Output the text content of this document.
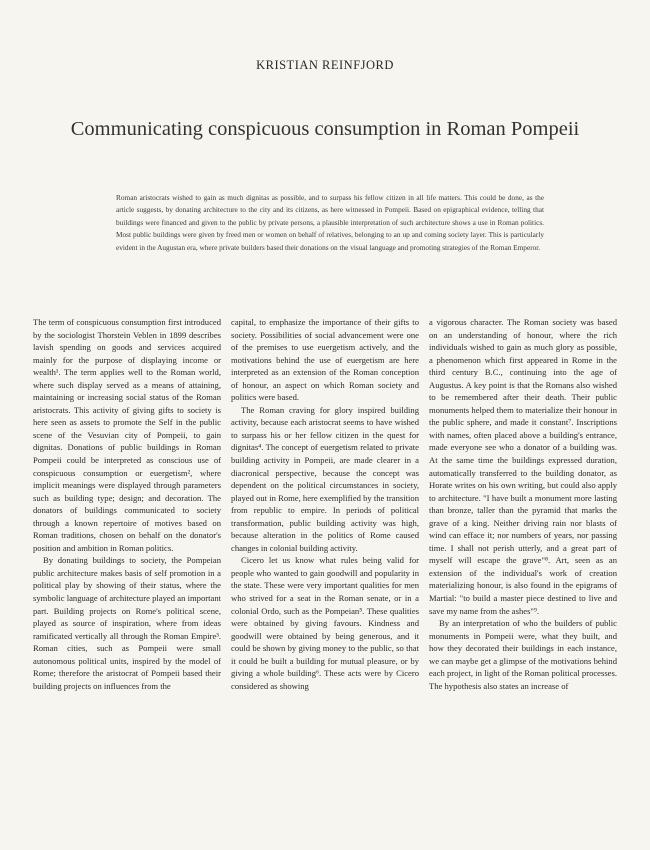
KRISTIAN REINFJORD
Communicating conspicuous consumption in Roman Pompeii
Roman aristocrats wished to gain as much dignitas as possible, and to surpass his fellow citizen in all life matters. This could be done, as the article suggests, by donating architecture to the city and its citizens, as here witnessed in Pompeii. Based on epigraphical evidence, telling that buildings were financed and given to the public by private persons, a plausible interpretation of such architecture shows a use in Roman politics. Most public buildings were given by freed men or women on behalf of relatives, belonging to an up and coming society layer. This is particularly evident in the Augustan era, where private builders based their donations on the visual language and promoting strategies of the Roman Emperor.

The term of conspicuous consumption first introduced by the sociologist Thorstein Veblen in 1899 describes lavish spending on goods and services acquired mainly for the purpose of displaying income or wealth¹. The term applies well to the Roman world, where such display served as a means of attaining, maintaining or increasing social status of the Roman aristocrats. This activity of giving gifts to society is here seen as assets to promote the Self in the public scene of the Vesuvian city of Pompeii, to gain dignitas. Donations of public buildings in Roman Pompeii could be interpreted as conscious use of conspicuous consumption or euergetism², where implicit meanings were displayed through parameters such as building type; design; and decoration. The donators of buildings communicated to society through a known repertoire of motives based on Roman traditions, chosen on behalf on the donator's position and ambition in Roman politics.

By donating buildings to society, the Pompeian public architecture makes basis of self promotion in a political play by showing of their status, where the symbolic language of architecture played an important part. Building projects on Rome's political scene, played as source of inspiration, where from ideas ramificated vertically all through the Roman Empire³. Roman cities, such as Pompeii were small autonomous political units, inspired by the model of Rome; therefore the aristocrat of Pompeii based their building projects on influences from the

capital, to emphasize the importance of their gifts to society. Possibilities of social advancement were one of the premises to use euergetism actively, and the motivations behind the use of euergetism are here interpreted as an extension of the Roman conception of honour, an aspect on which Roman society and politics were based.

The Roman craving for glory inspired building activity, because each aristocrat seems to have wished to surpass his or her fellow citizen in the quest for dignitas⁴. The concept of euergetism related to private building activity in Pompeii, are made clearer in a diacronical perspective, because the concept was dependent on the political circumstances in society, played out in Rome, here exemplified by the transition from republic to empire. In periods of political transformation, public building activity was high, because alteration in the politics of Rome caused changes in colonial building activity.

Cicero let us know what rules being valid for people who wanted to gain goodwill and popularity in the state. These were very important qualities for men who strived for a seat in the Roman senate, or in a colonial Ordo, such as the Pompeian⁵. These qualities were obtained by giving favours. Kindness and goodwill were obtained by being generous, and it could be shown by giving money to the public, so that it could be built a building for mutual pleasure, or by giving a whole building⁶. These acts were by Cicero considered as showing

a vigorous character. The Roman society was based on an understanding of honour, where the rich individuals wished to gain as much glory as possible, a phenomenon which first appeared in Rome in the third century B.C., continuing into the age of Augustus. A key point is that the Romans also wished to be remembered after their death. Their public monuments helped them to materialize their honour in the public sphere, and made it constant⁷. Inscriptions with names, often placed above a building's entrance, made everyone see who a donator of a building was. At the same time the buildings expressed duration, automatically transferred to the building donator, as Horate writes on his own writing, but could also apply to architecture. "I have built a monument more lasting than bronze, taller than the pyramid that marks the grave of a king. Neither driving rain nor blasts of wind can efface it; nor numbers of years, nor passing time. I shall not perish utterly, and a great part of myself will escape the grave"⁸. Art, seen as an extension of the individual's work of creation materializing honour, is also found in the epigrams of Martial: "to build a master piece destined to live and save my name from the ashes"⁹.

By an interpretation of who the builders of public monuments in Pompeii were, what they built, and how they decorated their buildings in each instance, we can maybe get a glimpse of the motivations behind each project, in light of the Roman political processes. The hypothesis also states an increase of
